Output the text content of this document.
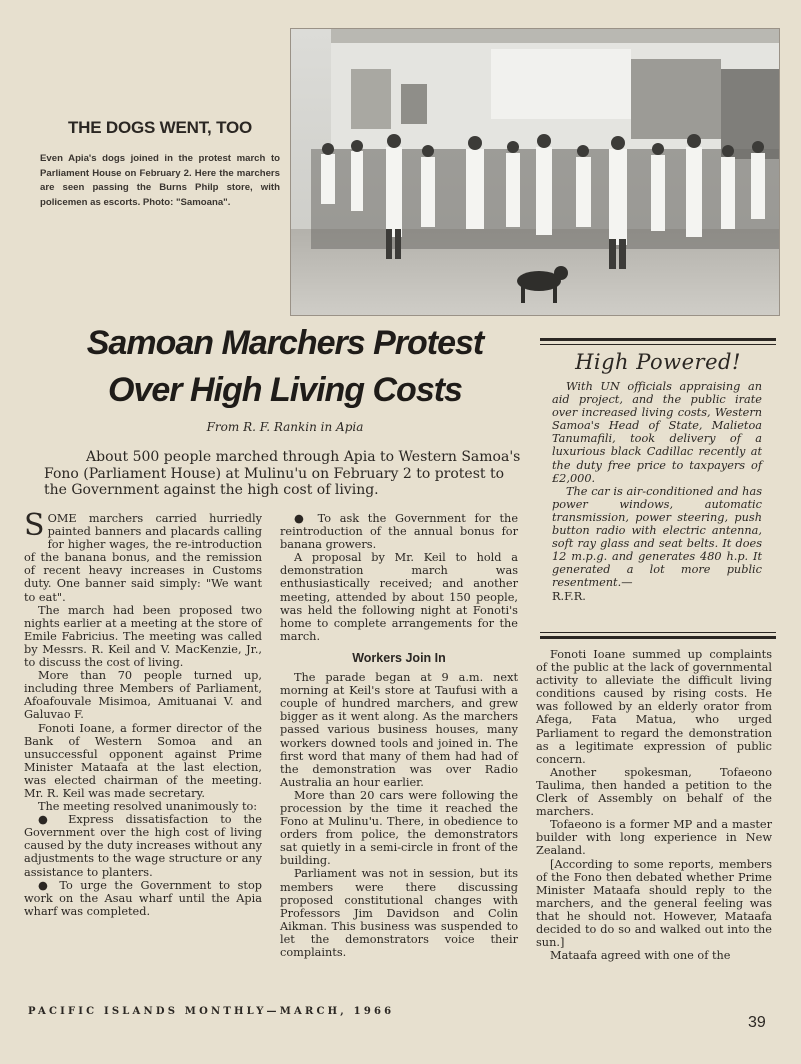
THE DOGS WENT, TOO

Even Apia's dogs joined in the protest march to Parliament House on February 2. Here the marchers are seen passing the Burns Philp store, with policemen as escorts. Photo: "Samoana".

Samoan Marchers Protest
Over High Living Costs

From R. F. Rankin in Apia

About 500 people marched through Apia to Western Samoa's Fono (Parliament House) at Mulinu'u on February 2 to protest to the Government against the high cost of living.

SOME marchers carried hurriedly painted banners and placards calling for higher wages, the re-introduction of the banana bonus, and the remission of recent heavy increases in Customs duty. One banner said simply: "We want to eat".

The march had been proposed two nights earlier at a meeting at the store of Emile Fabricius. The meeting was called by Messrs. R. Keil and V. MacKenzie, Jr., to discuss the cost of living.

More than 70 people turned up, including three Members of Parliament, Afoafouvale Misimoa, Amituanai V. and Galuvao F.

Fonoti Ioane, a former director of the Bank of Western Somoa and an unsuccessful opponent against Prime Minister Mataafa at the last election, was elected chairman of the meeting. Mr. R. Keil was made secretary.

The meeting resolved unanimously to:

● Express dissatisfaction to the Government over the high cost of living caused by the duty increases without any adjustments to the wage structure or any assistance to planters.

● To urge the Government to stop work on the Asau wharf until the Apia wharf was completed.

● To ask the Government for the reintroduction of the annual bonus for banana growers.

A proposal by Mr. Keil to hold a demonstration march was enthusiastically received; and another meeting, attended by about 150 people, was held the following night at Fonoti's home to complete arrangements for the march.

Workers Join In

The parade began at 9 a.m. next morning at Keil's store at Taufusi with a couple of hundred marchers, and grew bigger as it went along. As the marchers passed various business houses, many workers downed tools and joined in. The first word that many of them had had of the demonstration was over Radio Australia an hour earlier.

More than 20 cars were following the procession by the time it reached the Fono at Mulinu'u. There, in obedience to orders from police, the demonstrators sat quietly in a semi-circle in front of the building.

Parliament was not in session, but its members were there discussing proposed constitutional changes with Professors Jim Davidson and Colin Aikman. This business was suspended to let the demonstrators voice their complaints.

High Powered!

With UN officials appraising an aid project, and the public irate over increased living costs, Western Samoa's Head of State, Malietoa Tanumafili, took delivery of a luxurious black Cadillac recently at the duty free price to taxpayers of £2,000.

The car is air-conditioned and has power windows, automatic transmission, power steering, push button radio with electric antenna, soft ray glass and seat belts. It does 12 m.p.g. and generates 480 h.p. It generated a lot more public resentment.—

R.F.R.

Fonoti Ioane summed up complaints of the public at the lack of governmental activity to alleviate the difficult living conditions caused by rising costs. He was followed by an elderly orator from Afega, Fata Matua, who urged Parliament to regard the demonstration as a legitimate expression of public concern.

Another spokesman, Tofaeono Taulima, then handed a petition to the Clerk of Assembly on behalf of the marchers.

Tofaeono is a former MP and a master builder with long experience in New Zealand.

[According to some reports, members of the Fono then debated whether Prime Minister Mataafa should reply to the marchers, and the general feeling was that he should not. However, Mataafa decided to do so and walked out into the sun.]

Mataafa agreed with one of the

PACIFIC ISLANDS MONTHLY—MARCH, 1966

39
